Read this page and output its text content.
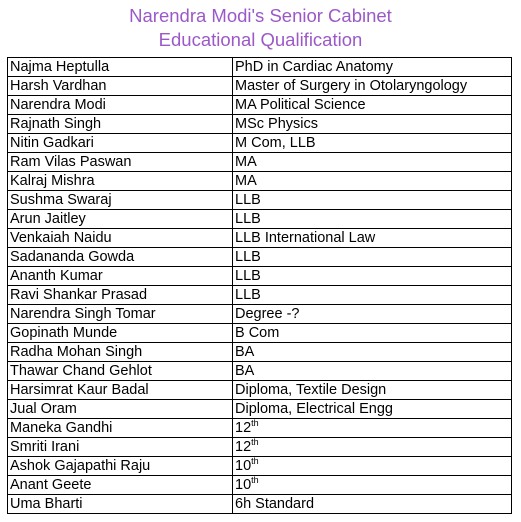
Narendra Modi's Senior Cabinet
Educational Qualification
Najma Heptulla	PhD in Cardiac Anatomy
Harsh Vardhan	Master of Surgery in Otolaryngology
Narendra Modi	MA Political Science
Rajnath Singh	MSc Physics
Nitin Gadkari	M Com, LLB
Ram Vilas Paswan	MA
Kalraj Mishra	MA
Sushma Swaraj	LLB
Arun Jaitley	LLB
Venkaiah Naidu	LLB International Law
Sadananda Gowda	LLB
Ananth Kumar	LLB
Ravi Shankar Prasad	LLB
Narendra Singh Tomar	Degree -?
Gopinath Munde	B Com
Radha Mohan Singh	BA
Thawar Chand Gehlot	BA
Harsimrat Kaur Badal	Diploma, Textile Design
Jual Oram	Diploma, Electrical Engg
Maneka Gandhi	12th
Smriti Irani	12th
Ashok Gajapathi Raju	10th
Anant Geete	10th
Uma Bharti	6h Standard
